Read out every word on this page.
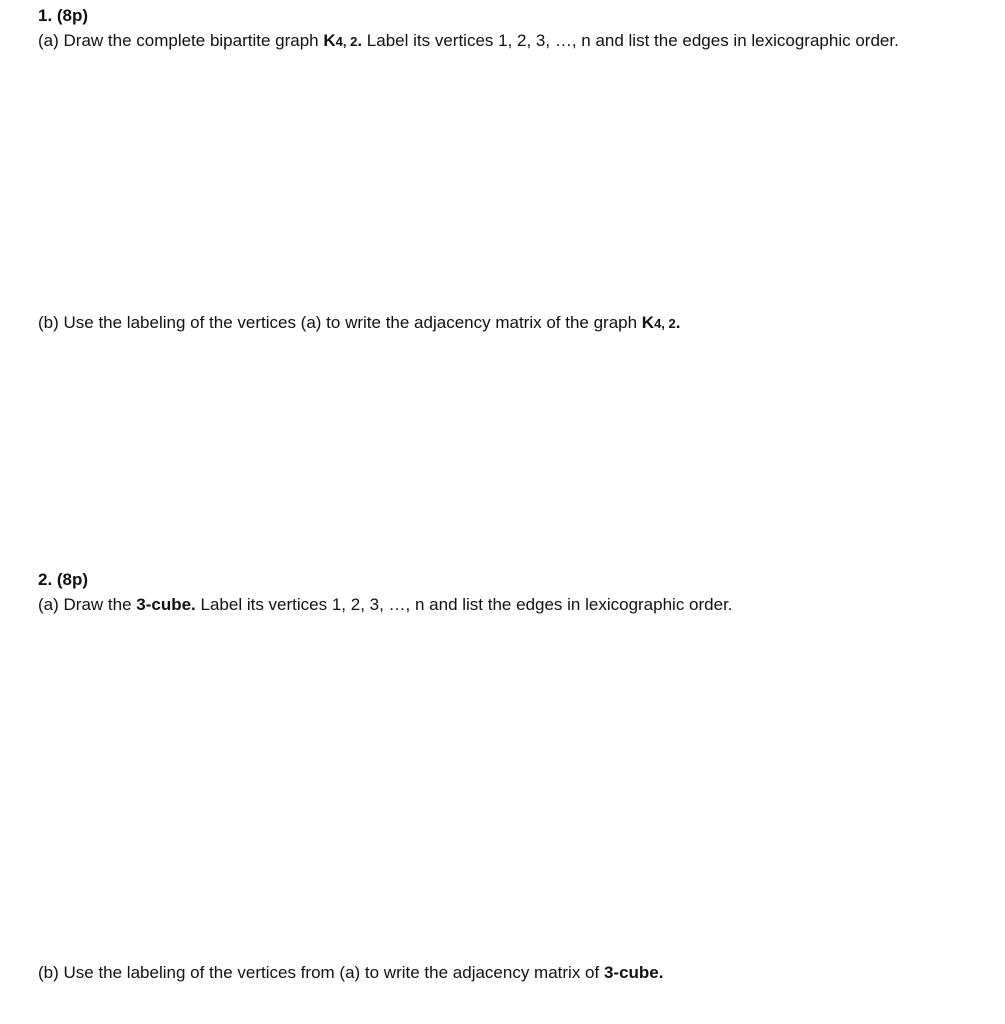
1. (8p)
(a) Draw the complete bipartite graph K4, 2. Label its vertices 1, 2, 3, …, n and list the edges in lexicographic order.
(b) Use the labeling of the vertices (a) to write the adjacency matrix of the graph K4, 2.
2. (8p)
(a) Draw the 3-cube. Label its vertices 1, 2, 3, …, n and list the edges in lexicographic order.
(b) Use the labeling of the vertices from (a) to write the adjacency matrix of 3-cube.
